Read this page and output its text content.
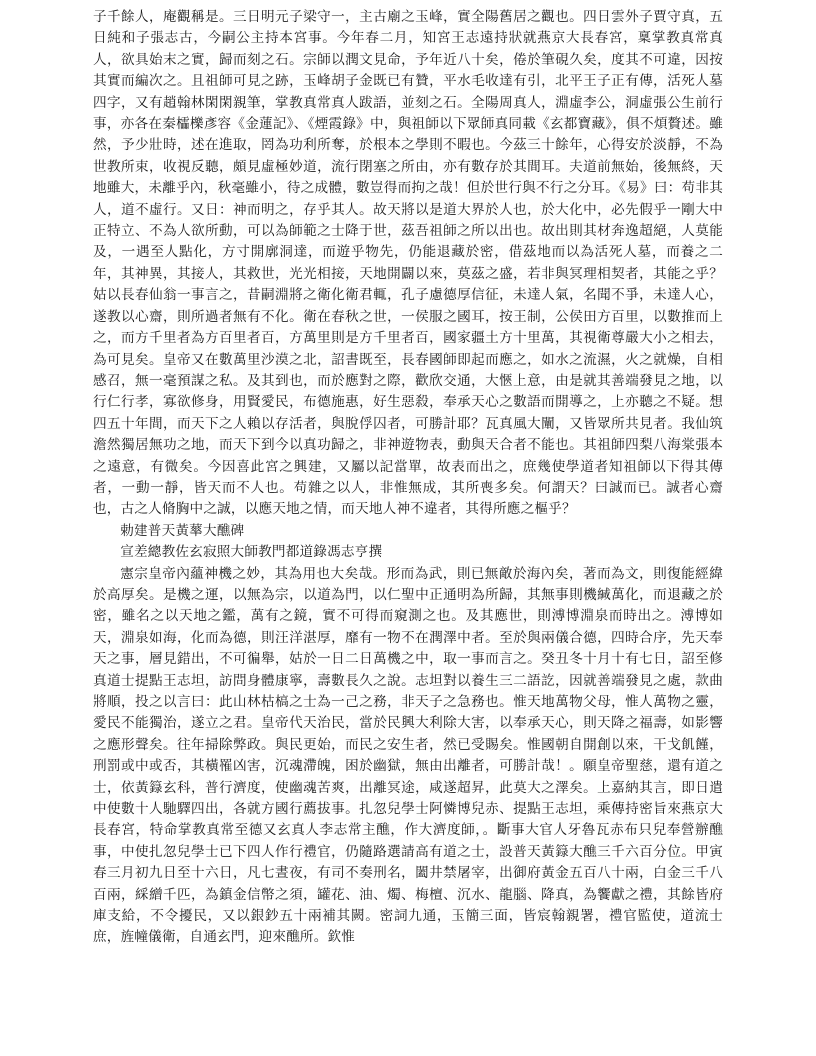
子千餘人，庵觀稱是。三日明元子梁守一，主古廟之玉峰，實全陽舊居之觀也。四日雲外子賈守真，五日純和子張志古，今嗣公主持本宮事。今年春二月，知宮王志遠持狀就燕京大長春宮，稟掌教真常真人，欲具始末之實，歸而刻之石。宗師以潤文見命，予年近八十矣，倦於筆硯久矣，度其不可違，因按其實而編次之。且祖師可見之跡，玉峰胡子金既已有贊，平水毛收達有引，北平王子正有傳，活死人墓四字，又有趙翰林閑閑親筆，掌教真常真人跋語，並刻之石。全陽周真人，淵虛李公，洞虛張公生前行事，亦各在秦櫺櫟彥容《金蓮記》、《煙霞錄》中，與祖師以下眾師真同載《玄都寶藏》，俱不煩贅述。雖然，予少壯時，述在進取，罔為功利所奪，於根本之學則不暇也。今茲三十餘年，心得安於淡靜，不為世教所束，收視反聽，頗見虛極妙道，流行閉塞之所由，亦有數存於其間耳。夫道前無始，後無終，天地雖大，未離乎內，秋毫雖小，待之成體，數豈得而拘之哉！但於世行與不行之分耳。《易》曰：苟非其人，道不虛行。又日：神而明之，存乎其人。故天將以是道大界於人也，於大化中，必先假乎一剛大中正特立、不為人欲所動，可以為師範之士降于世，茲吾祖師之所以出也。故出則其材奔逸超絕，人莫能及，一遇至人點化，方寸開廓洞達，而遊乎物先，仍能退藏於密，借茲地而以為活死人墓，而養之二年，其神異，其接人，其救世，光光相接，天地開闢以來，莫茲之盛，若非與冥理相契者，其能之乎？姑以長春仙翁一事言之，昔嗣淵將之衛化衛君輒，孔子慮德厚信征，未達人氣，名聞不爭，未達人心，遂教以心齋，則所過者無有不化。衛在春秋之世，一侯服之國耳，按王制，公侯田方百里，以數推而上之，而方千里者為方百里者百，方萬里則是方千里者百，國家疆土方十里萬，其視衛尊嚴大小之相去，為可見矣。皇帝又在數萬里沙漠之北，詔書既至，長春國師即起而應之，如水之流濕，火之就燥，自相感召，無一毫預謀之私。及其到也，而於應對之際，歡欣交通，大愜上意，由是就其善端發見之地，以行仁行孝，寡欲修身，用賢愛民，布德施惠，好生惡殺，奉承天心之數語而開導之，上亦聽之不疑。想四五十年間，而天下之人賴以存活者，與脫俘囚者，可勝計耶？瓦真風大闡，又皆眾所共見者。我仙筑澹然獨居無功之地，而天下到今以真功歸之，非神遊物表，動與天合者不能也。其祖師四梨八海棠張本之遠意，有微矣。今因喜此宮之興建，又屬以記當單，故表而出之，庶幾使學道者知祖師以下得其傳者，一動一靜，皆天而不人也。苟雜之以人，非惟無成，其所喪多矣。何謂天？曰誠而已。誠者心齋也，古之人脩胸中之誠，以應天地之情，而天地人神不違者，其得所應之樞乎？

勅建普天黃蕐大醮碑

宣差總教佐玄寂照大師教門都道錄馮志亨撰

憲宗皇帝內蘊神機之妙，其為用也大矣哉。形而為武，則已無敵於海內矣，著而為文，則復能經緯於高厚矣。是機之運，以無為宗，以道為門，以仁聖中正通明為所歸，其無事則機緘萬化，而退藏之於密，雖名之以天地之鑑，萬有之鏡，實不可得而窺測之也。及其應世，則溥博淵泉而時出之。溥博如天，淵泉如海，化而為德，則汪洋湛厚，靡有一物不在潤澤中者。至於與兩儀合德，四時合序，先天奉天之事，層見錯出，不可徧舉，姑於一日二日萬機之中，取一事而言之。癸丑冬十月十有七日，詔至修真道士提點王志坦，訪問身體康寧，壽數長久之說。志坦對以養生三二語訖，因就善端發見之處，款曲將順，投之以言曰：此山林枯槁之士為一己之務，非天子之急務也。惟天地萬物父母，惟人萬物之靈，愛民不能獨治，遂立之君。皇帝代天治民，當於民興大利除大害，以奉承天心，則天降之福壽，如影響之應形聲矣。往年掃除弊政。與民更始，而民之安生者，然已受賜矣。惟國朝自開創以來，干戈飢饉，刑罰或中或否，其橫罹凶害，沉魂滯魄，困於幽獄，無由出離者，可勝計哉！。願皇帝聖慈，還有道之士，依黃籙玄科，普行濟度，使幽魂苦爽，出離冥途，咸遂超昇，此莫大之澤矣。上嘉納其言，即日遣中使數十人馳驛四出，各就方國行薦拔事。扎忽兒學士阿憐博兒赤、提點王志坦，乘傳持密旨來燕京大長春宮，特命掌教真常至德又玄真人李志常主醮，作大濟度師，。斷事大官人牙魯瓦赤布只兒奉營辦醮事，中使扎忽兒學士已下四人作行禮官，仍隨路選請高有道之士，設普天黃籙大醮三千六百分位。甲寅春三月初九日至十六日，凡七晝夜，有司不奏刑名，闔井禁屠宰，出御府黃金五百八十兩，白金三千八百兩，綵繒千匹，為鎮金信幣之須，罐花、油、燭、梅檀、沉水、龍腦、降真，為饗獻之禮，其餘皆府庫支給，不令擾民，又以銀鈔五十兩補其闕。密詞九通，玉簡三面，皆宸翰親署，禮官監使，道流士庶，旌幢儀衛，自通玄門，迎來醮所。欽惟
